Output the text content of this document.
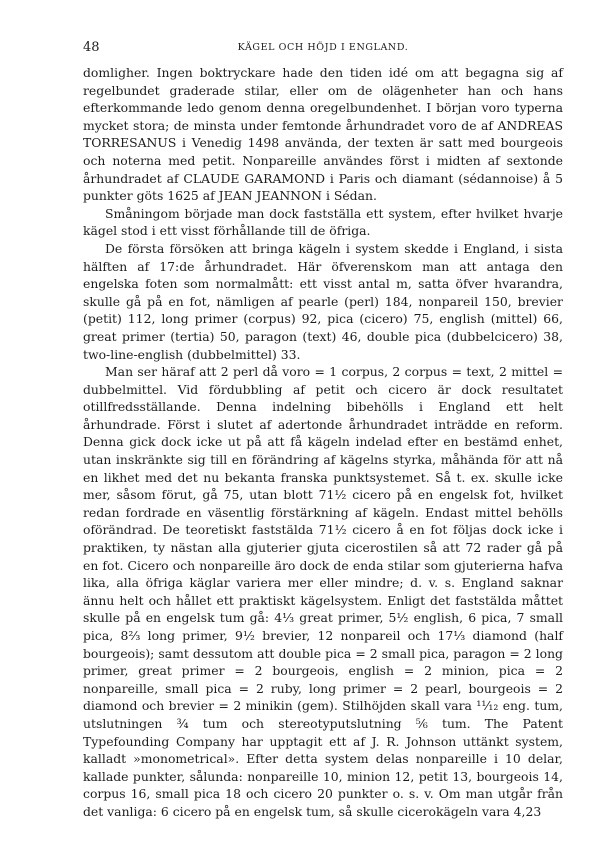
48	KÄGEL OCH HÖJD I ENGLAND.

domligher. Ingen boktryckare hade den tiden idé om att begagna sig af regelbundet graderade stilar, eller om de olägenheter han och hans efterkommande ledo genom denna oregelbundenhet. I början voro typerna mycket stora; de minsta under femtonde århundradet voro de af ANDREAS TORRESANUS i Venedig 1498 använda, der texten är satt med bourgeois och noterna med petit. Nonpareille användes först i midten af sextonde århundradet af CLAUDE GARAMOND i Paris och diamant (sédannoise) å 5 punkter göts 1625 af JEAN JEANNON i Sédan.

Småningom började man dock fastställa ett system, efter hvilket hvarje kägel stod i ett visst förhållande till de öfriga.

De första försöken att bringa kägeln i system skedde i England, i sista hälften af 17:de århundradet. Här öfverenskom man att antaga den engelska foten som normalmått: ett visst antal m, satta öfver hvarandra, skulle gå på en fot, nämligen af pearle (perl) 184, nonpareil 150, brevier (petit) 112, long primer (corpus) 92, pica (cicero) 75, english (mittel) 66, great primer (tertia) 50, paragon (text) 46, double pica (dubbelcicero) 38, two-line-english (dubbelmittel) 33.

Man ser häraf att 2 perl då voro = 1 corpus, 2 corpus = text, 2 mittel = dubbelmittel. Vid fördubbling af petit och cicero är dock resultatet otillfredsställande. Denna indelning bibehölls i England ett helt århundrade. Först i slutet af adertonde århundradet inträdde en reform. Denna gick dock icke ut på att få kägeln indelad efter en bestämd enhet, utan inskränkte sig till en förändring af kägelns styrka, måhända för att nå en likhet med det nu bekanta franska punktsystemet. Så t. ex. skulle icke mer, såsom förut, gå 75, utan blott 71½ cicero på en engelsk fot, hvilket redan fordrade en väsentlig förstärkning af kägeln. Endast mittel behölls oförändrad. De teoretiskt faststälda 71½ cicero å en fot följas dock icke i praktiken, ty nästan alla gjuterier gjuta cicerostilen så att 72 rader gå på en fot. Cicero och nonpareille äro dock de enda stilar som gjuterierna hafva lika, alla öfriga käglar variera mer eller mindre; d. v. s. England saknar ännu helt och hållet ett praktiskt kägelsystem. Enligt det faststälda måttet skulle på en engelsk tum gå: 4⅓ great primer, 5½ english, 6 pica, 7 small pica, 8⅔ long primer, 9½ brevier, 12 nonpareil och 17⅓ diamond (half bourgeois); samt dessutom att double pica = 2 small pica, paragon = 2 long primer, great primer = 2 bourgeois, english = 2 minion, pica = 2 nonpareille, small pica = 2 ruby, long primer = 2 pearl, bourgeois = 2 diamond och brevier = 2 minikin (gem). Stilhöjden skall vara ¹¹⁄₁₂ eng. tum, utslutningen ³⁄₄ tum och stereotyputslutning ⁵⁄₆ tum. The Patent Typefounding Company har upptagit ett af J. R. Johnson uttänkt system, kalladt »monometrical». Efter detta system delas nonpareille i 10 delar, kallade punkter, sålunda: nonpareille 10, minion 12, petit 13, bourgeois 14, corpus 16, small pica 18 och cicero 20 punkter o. s. v. Om man utgår från det vanliga: 6 cicero på en engelsk tum, så skulle cicerokägeln vara 4,23
